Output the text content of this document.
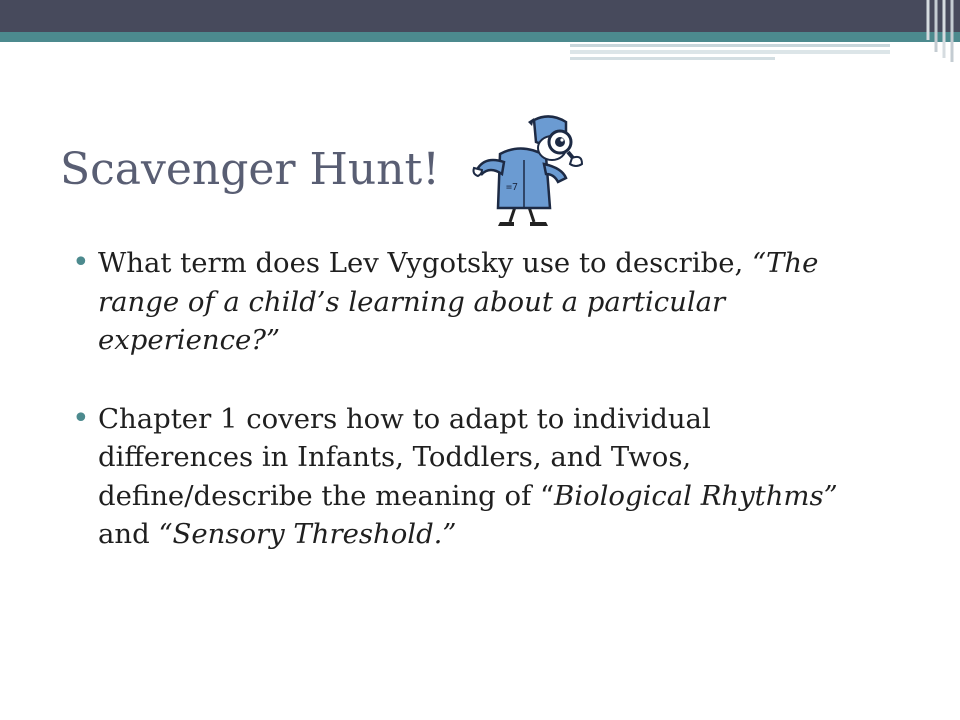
Scavenger Hunt!	=7
• What term does Lev Vygotsky use to describe, “The range of a child’s learning about a particular experience?”
• Chapter 1 covers how to adapt to individual differences in Infants, Toddlers, and Twos, define/describe the meaning of “Biological Rhythms” and “Sensory Threshold.”
